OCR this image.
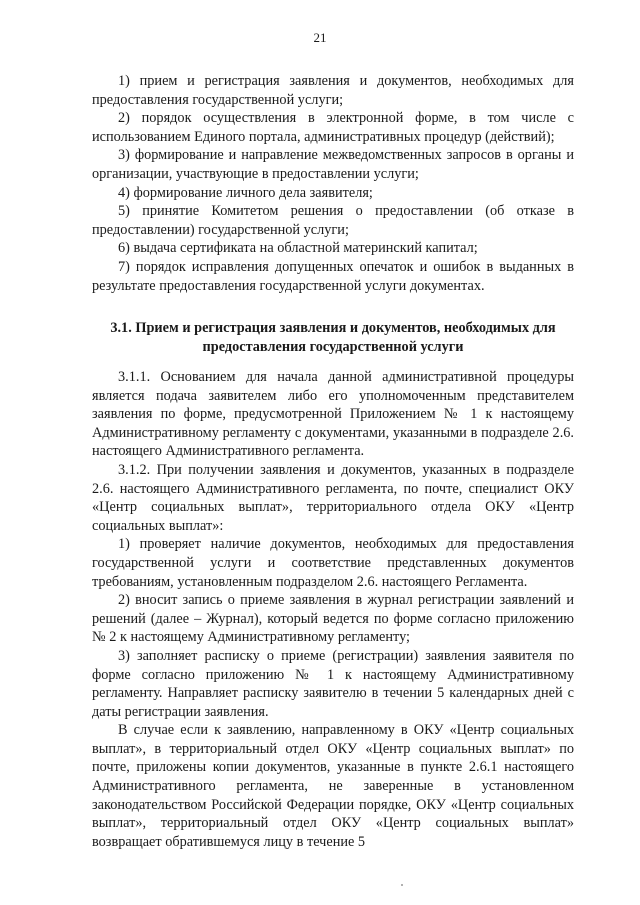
21

1) прием и регистрация заявления и документов, необходимых для предоставления государственной услуги;

2) порядок осуществления в электронной форме, в том числе с использованием Единого портала, административных процедур (действий);

3) формирование и направление межведомственных запросов в органы и организации, участвующие в предоставлении услуги;

4) формирование личного дела заявителя;

5) принятие Комитетом решения о предоставлении (об отказе в предоставлении) государственной услуги;

6) выдача сертификата на областной материнский капитал;

7) порядок исправления допущенных опечаток и ошибок в выданных в результате предоставления государственной услуги документах.

3.1. Прием и регистрация заявления и документов, необходимых для предоставления государственной услуги

3.1.1. Основанием для начала данной административной процедуры является подача заявителем либо его уполномоченным представителем заявления по форме, предусмотренной Приложением № 1 к настоящему Административному регламенту с документами, указанными в подразделе 2.6. настоящего Административного регламента.

3.1.2. При получении заявления и документов, указанных в подразделе 2.6. настоящего Административного регламента, по почте, специалист ОКУ «Центр социальных выплат», территориального отдела ОКУ «Центр социальных выплат»:

1) проверяет наличие документов, необходимых для предоставления государственной услуги и соответствие представленных документов требованиям, установленным подразделом 2.6. настоящего Регламента.

2) вносит запись о приеме заявления в журнал регистрации заявлений и решений (далее – Журнал), который ведется по форме согласно приложению № 2 к настоящему Административному регламенту;

3) заполняет расписку о приеме (регистрации) заявления заявителя по форме согласно приложению № 1 к настоящему Административному регламенту. Направляет расписку заявителю в течении 5 календарных дней с даты регистрации заявления.

В случае если к заявлению, направленному в ОКУ «Центр социальных выплат», в территориальный отдел ОКУ «Центр социальных выплат» по почте, приложены копии документов, указанные в пункте 2.6.1 настоящего Административного регламента, не заверенные в установленном законодательством Российской Федерации порядке, ОКУ «Центр социальных выплат», территориальный отдел ОКУ «Центр социальных выплат» возвращает обратившемуся лицу в течение 5
